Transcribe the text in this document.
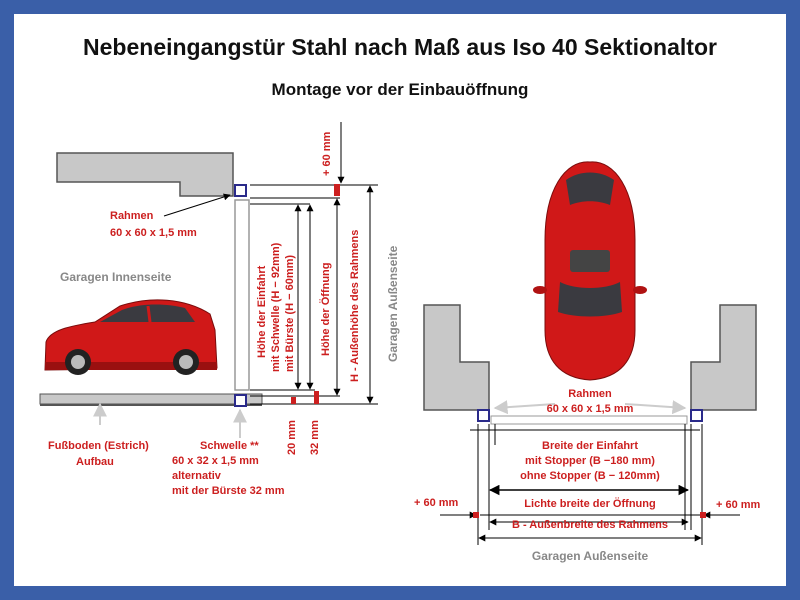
Nebeneingangstür Stahl nach Maß aus Iso 40 Sektionaltor
Montage vor der Einbauöffnung
Rahmen
60 x 60 x 1,5 mm
Garagen Innenseite
Fußboden (Estrich)
Aufbau
Schwelle **
60 x 32 x 1,5 mm
alternativ
mit der Bürste 32 mm
Höhe der Einfahrt mit Schwelle (H − 92mm) mit Bürste (H − 60mm) Höhe der Öffnung H - Außenhöhe des Rahmens
+ 60 mm
20 mm 32 mm
Garagen Außenseite
Rahmen
60 x 60 x 1,5 mm
Breite der Einfahrt
mit Stopper (B −180 mm)
ohne Stopper (B − 120mm)
Lichte breite der Öffnung
B - Außenbreite des Rahmens
+ 60 mm	+ 60 mm
Garagen Außenseite
